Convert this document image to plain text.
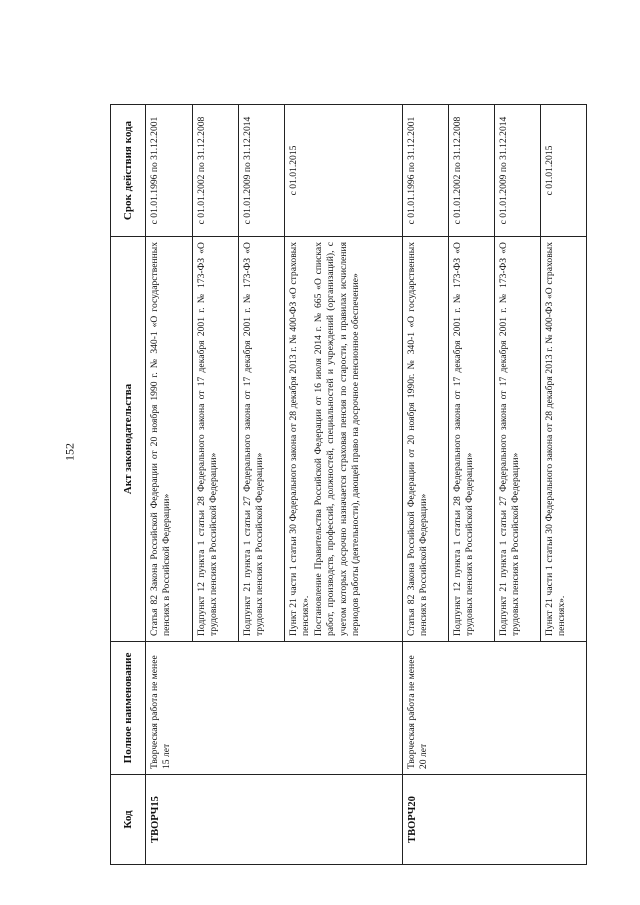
152
Код	Полное наименование	Акт законодательства	Срок действия кода
ТВОРЧ15	Творческая работа не менее 15 лет	Статья 82 Закона Российской Федерации от 20 ноября 1990 г. № 340-1 «О государственных пенсиях в Российской Федерации»	с 01.01.1996 по 31.12.2001

		Подпункт 12 пункта 1 статьи 28 Федерального закона от 17 декабря 2001 г. № 173-ФЗ «О трудовых пенсиях в Российской Федерации»	с 01.01.2002 по 31.12.2008

		Подпункт 21 пункта 1 статьи 27 Федерального закона от 17 декабря 2001 г. № 173-ФЗ «О трудовых пенсиях в Российской Федерации»	с 01.01.2009 по 31.12.2014

		Пункт 21 части 1 статьи 30 Федерального закона от 28 декабря 2013 г. № 400-ФЗ «О страховых пенсиях». Постановление Правительства Российской Федерации от 16 июля 2014 г. № 665 «О списках работ, производств, профессий, должностей, специальностей и учреждений (организаций), с учетом которых досрочно назначается страховая пенсия по старости, и правилах исчисления периодов работы (деятельности), дающей право на досрочное пенсионное обеспечение»	с 01.01.2015
ТВОРЧ20	Творческая работа не менее 20 лет	Статья 82 Закона Российской Федерации от 20 ноября 1990г. № 340-1 «О государственных пенсиях в Российской Федерации»	с 01.01.1996 по 31.12.2001

		Подпункт 12 пункта 1 статьи 28 Федерального закона от 17 декабря 2001 г. № 173-ФЗ «О трудовых пенсиях в Российской Федерации»	с 01.01.2002 по 31.12.2008

		Подпункт 21 пункта 1 статьи 27 Федерального закона от 17 декабря 2001 г. № 173-ФЗ «О трудовых пенсиях в Российской Федерации»	с 01.01.2009 по 31.12.2014

		Пункт 21 части 1 статьи 30 Федерального закона от 28 декабря 2013 г. № 400-ФЗ «О страховых пенсиях».	с 01.01.2015
